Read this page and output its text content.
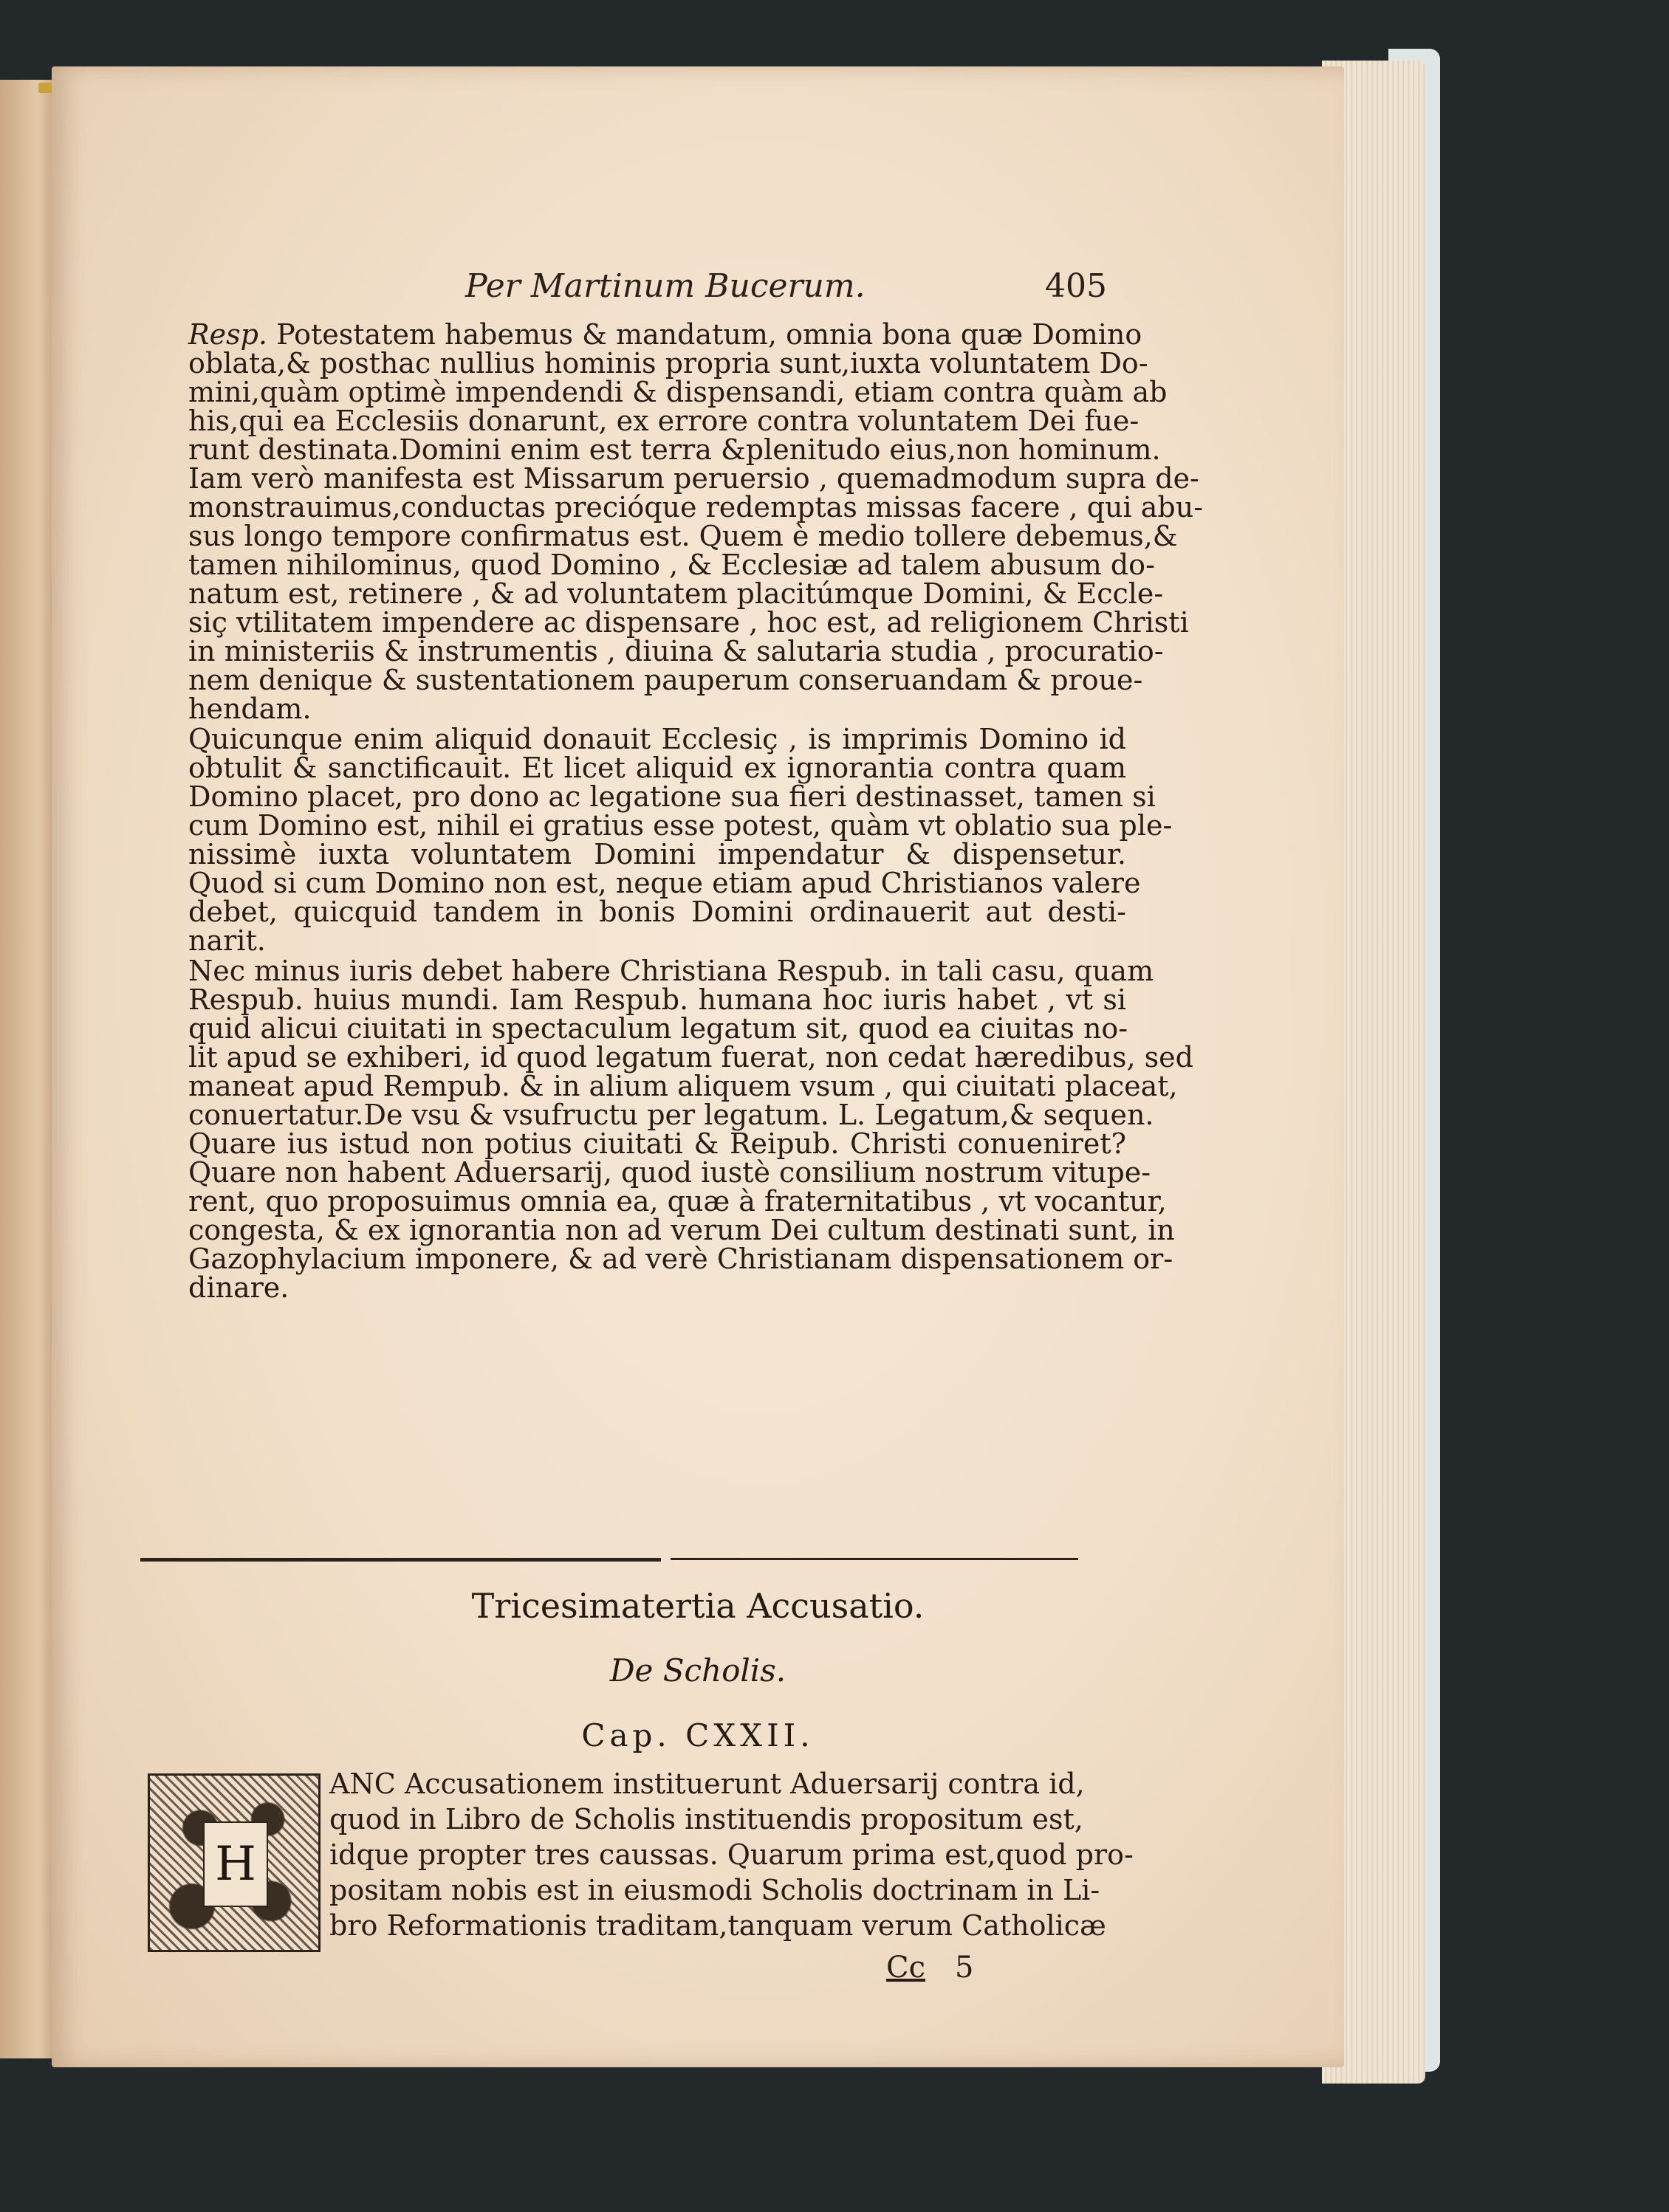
Per Martinum Bucerum.	405
Resp. Potestatem habemus & mandatum, omnia bona quæ Domino
oblata,& posthac nullius hominis propria sunt,iuxta voluntatem Do-
mini,quàm optimè impendendi & dispensandi, etiam contra quàm ab
his,qui ea Ecclesiis donarunt, ex errore contra voluntatem Dei fue-
runt destinata.Domini enim est terra &plenitudo eius,non hominum.
Iam verò manifesta est Missarum peruersio , quemadmodum supra de-
monstrauimus,conductas precióque redemptas missas facere , qui abu-
sus longo tempore confirmatus est. Quem è medio tollere debemus,&
tamen nihilominus, quod Domino , & Ecclesiæ ad talem abusum do-
natum est, retinere , & ad voluntatem placitúmque Domini, & Eccle-
siç vtilitatem impendere ac dispensare , hoc est, ad religionem Christi
in ministeriis & instrumentis , diuina & salutaria studia , procuratio-
nem denique & sustentationem pauperum conseruandam & proue-
hendam.
Quicunque enim aliquid donauit Ecclesiç , is imprimis Domino id
obtulit & sanctificauit. Et licet aliquid ex ignorantia contra quam
Domino placet, pro dono ac legatione sua fieri destinasset, tamen si
cum Domino est, nihil ei gratius esse potest, quàm vt oblatio sua ple-
nissimè iuxta voluntatem Domini impendatur & dispensetur.
Quod si cum Domino non est, neque etiam apud Christianos valere
debet, quicquid tandem in bonis Domini ordinauerit aut desti-
narit.
Nec minus iuris debet habere Christiana Respub. in tali casu, quam
Respub. huius mundi. Iam Respub. humana hoc iuris habet , vt si
quid alicui ciuitati in spectaculum legatum sit, quod ea ciuitas no-
lit apud se exhiberi, id quod legatum fuerat, non cedat hæredibus, sed
maneat apud Rempub. & in alium aliquem vsum , qui ciuitati placeat,
conuertatur.De vsu & vsufructu per legatum. L. Legatum,& sequen.
Quare ius istud non potius ciuitati & Reipub. Christi conueniret?
Quare non habent Aduersarij, quod iustè consilium nostrum vitupe-
rent, quo proposuimus omnia ea, quæ à fraternitatibus , vt vocantur,
congesta, & ex ignorantia non ad verum Dei cultum destinati sunt, in
Gazophylacium imponere, & ad verè Christianam dispensationem or-
dinare.
Tricesimatertia Accusatio.
De Scholis.
Cap. CXXII.
H
ANC Accusationem instituerunt Aduersarij contra id,
quod in Libro de Scholis instituendis propositum est,
idque propter tres caussas. Quarum prima est,quod pro-
positam nobis est in eiusmodi Scholis doctrinam in Li-
bro Reformationis traditam,tanquam verum Catholicæ
Cc 5
